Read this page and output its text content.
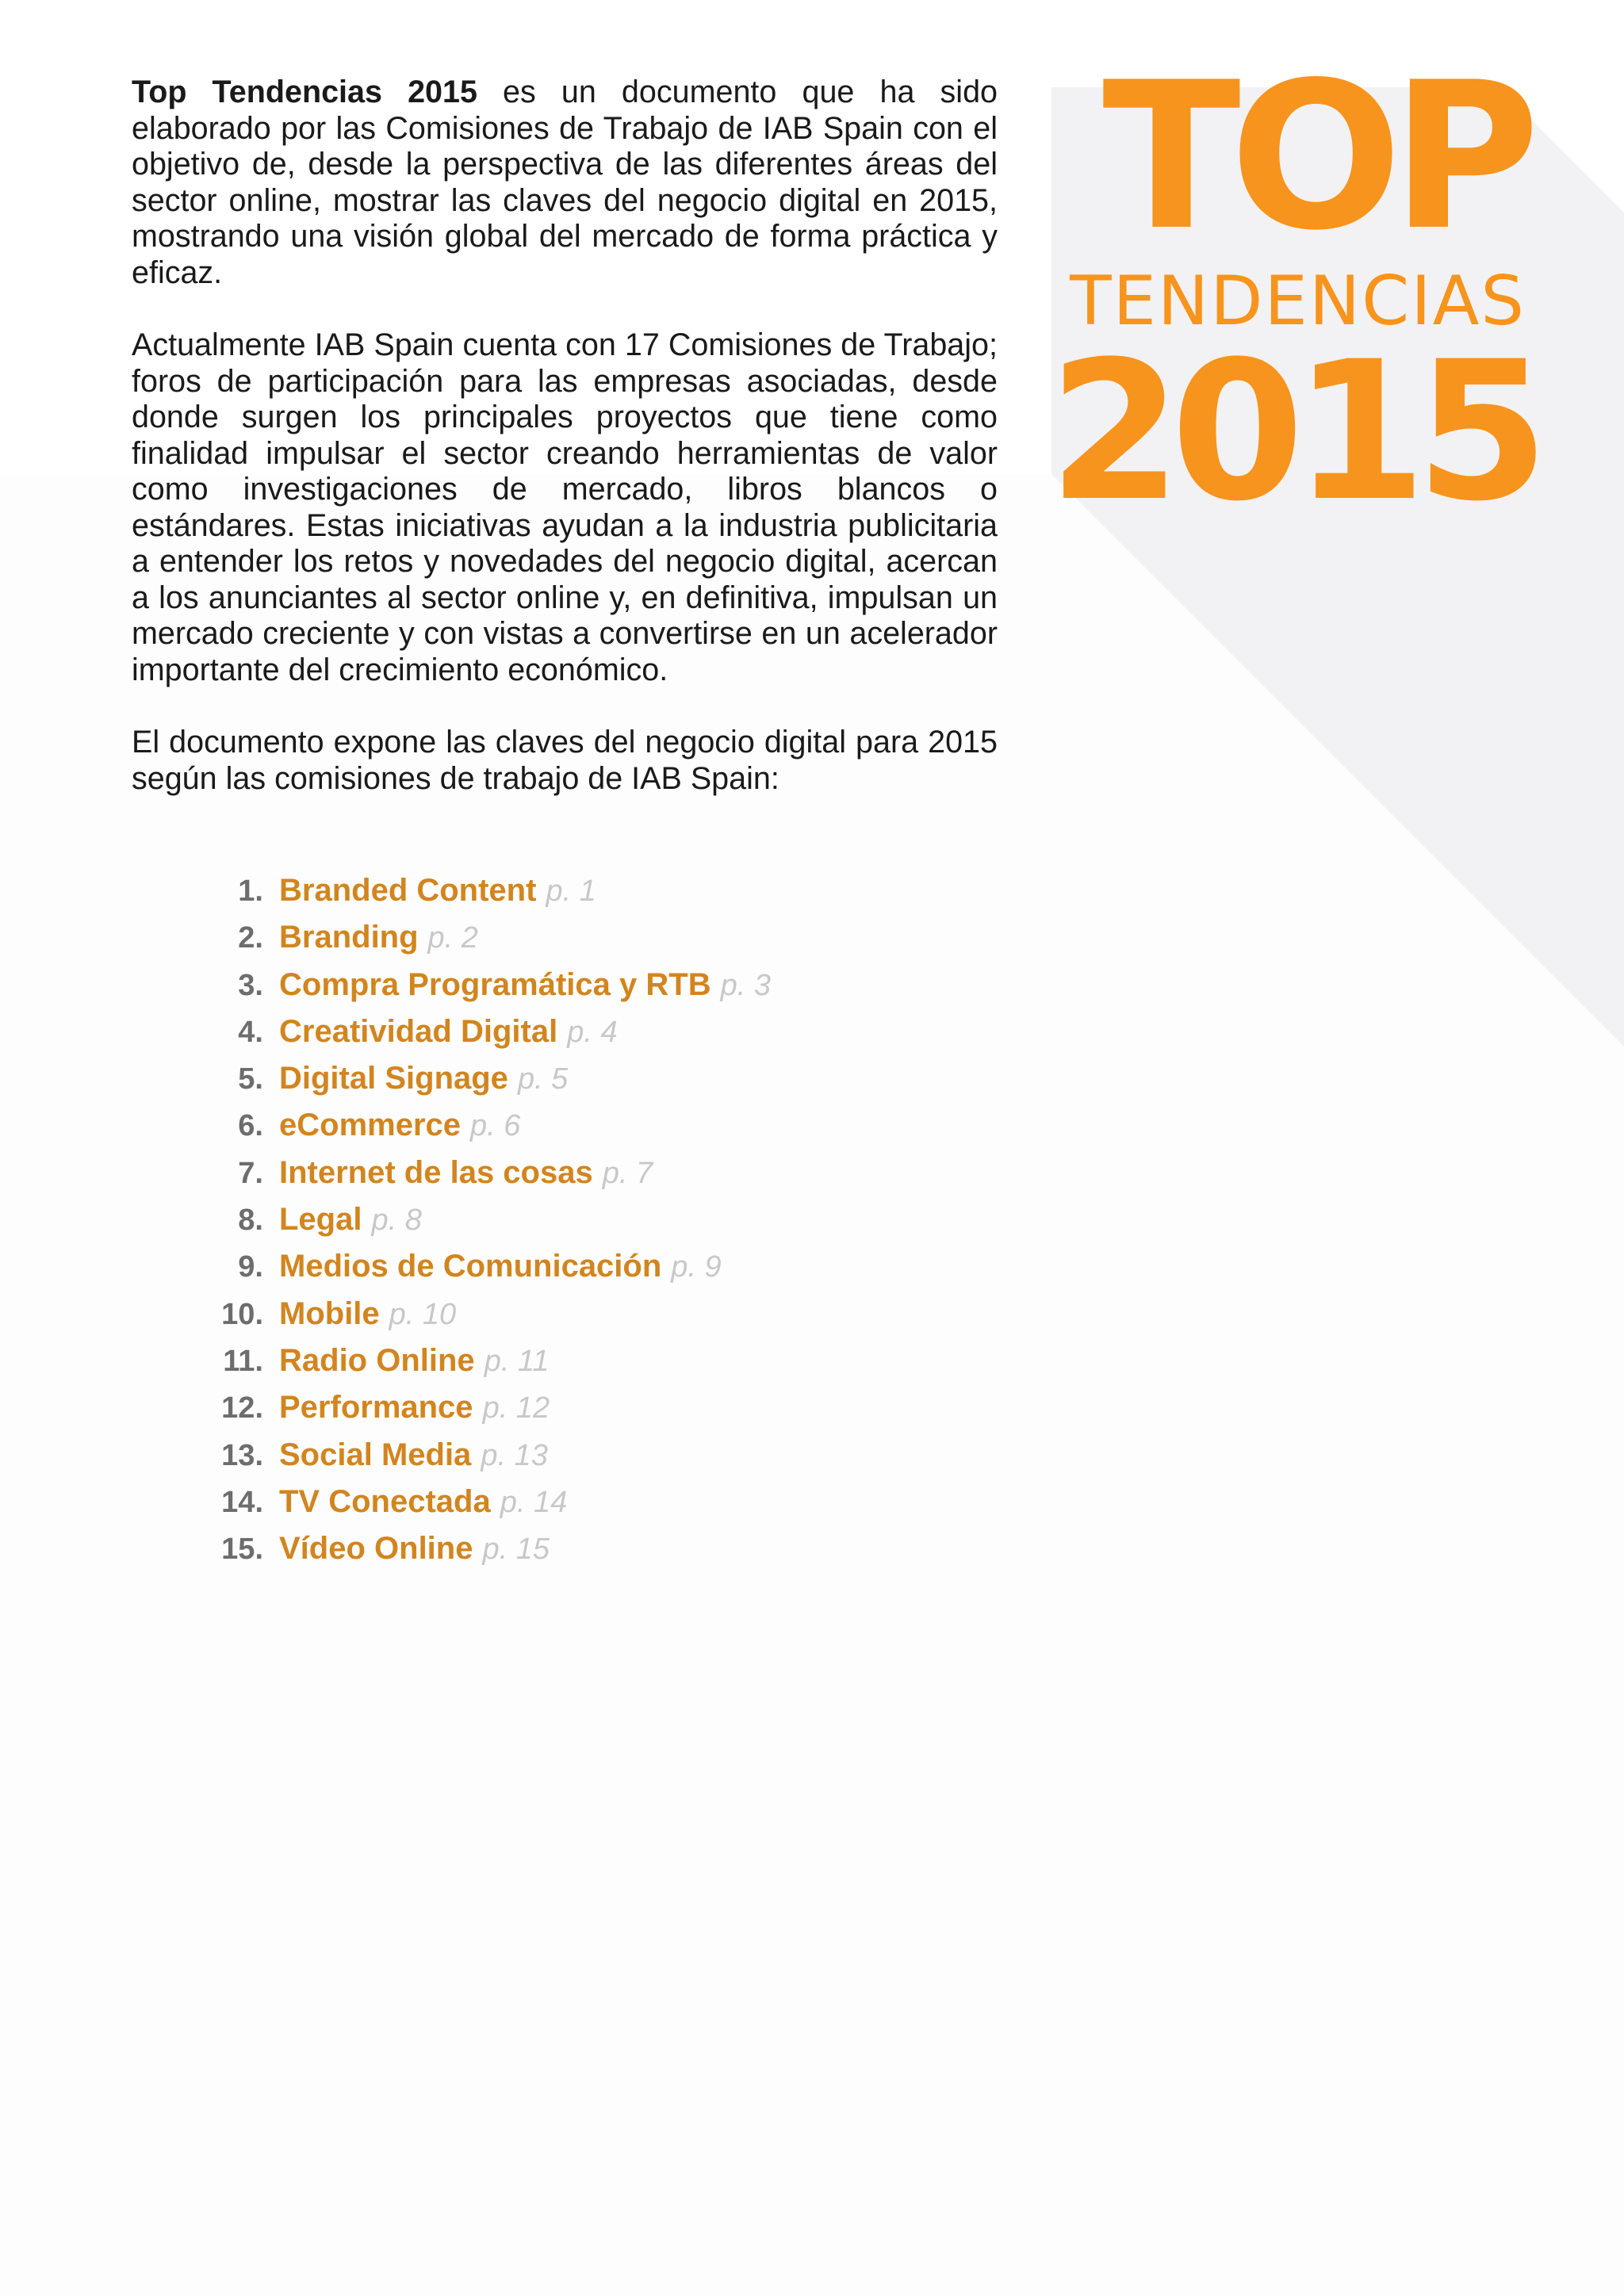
TOP
TENDENCIAS
2015

Top Tendencias 2015 es un documento que ha sido elaborado por las Comisiones de Trabajo de IAB Spain con el objetivo de, desde la perspectiva de las diferentes áreas del sector online, mostrar las claves del negocio digital en 2015, mostrando una visión global del mercado de forma práctica y eficaz.

Actualmente IAB Spain cuenta con 17 Comisiones de Trabajo; foros de participación para las empresas asociadas, desde donde surgen los principales proyectos que tiene como finalidad impulsar el sector creando herramientas de valor como investigaciones de mercado, libros blancos o estándares. Estas iniciativas ayudan a la industria publicitaria a entender los retos y novedades del negocio digital, acercan a los anunciantes al sector online y, en definitiva, impulsan un mercado creciente y con vistas a convertirse en un acelerador importante del crecimiento económico.

El documento expone las claves del negocio digital para 2015 según las comisiones de trabajo de IAB Spain:

1. Branded Content p. 1
2. Branding p. 2
3. Compra Programática y RTB p. 3
4. Creatividad Digital p. 4
5. Digital Signage p. 5
6. eCommerce p. 6
7. Internet de las cosas p. 7
8. Legal p. 8
9. Medios de Comunicación p. 9
10. Mobile p. 10
11. Radio Online p. 11
12. Performance p. 12
13. Social Media p. 13
14. TV Conectada p. 14
15. Vídeo Online p. 15
